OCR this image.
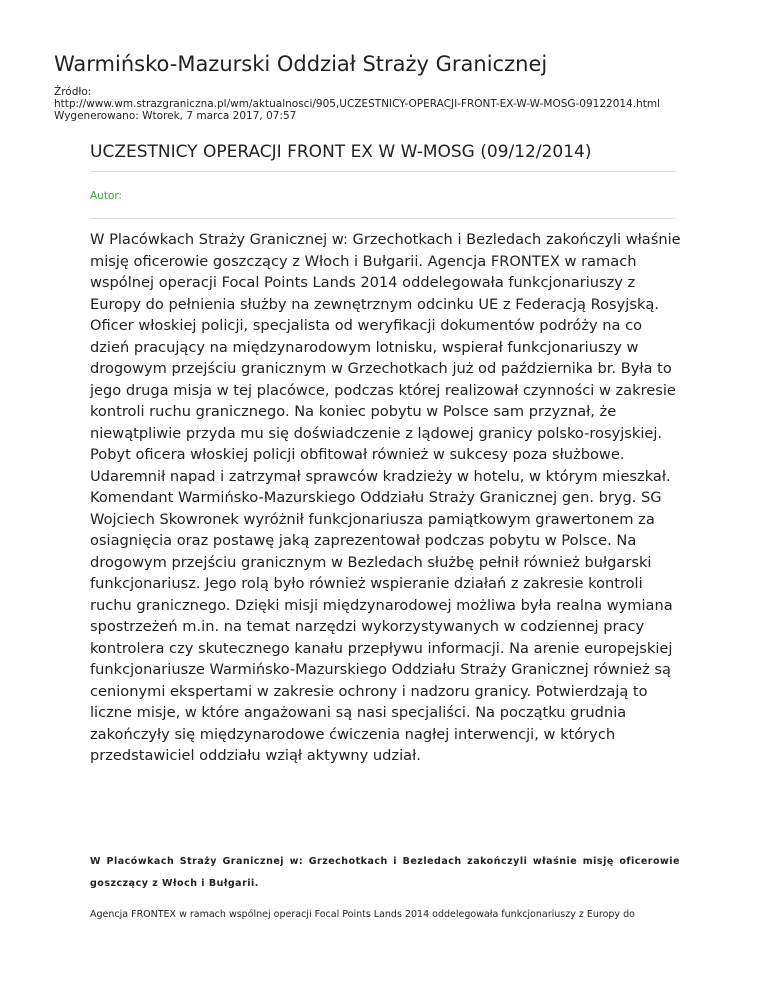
Warmińsko-Mazurski Oddział Straży Granicznej
Źródło:
http://www.wm.strazgraniczna.pl/wm/aktualnosci/905,UCZESTNICY-OPERACJI-FRONT-EX-W-W-MOSG-09122014.html
Wygenerowano: Wtorek, 7 marca 2017, 07:57
UCZESTNICY OPERACJI FRONT EX W W-MOSG (09/12/2014)
Autor:

W Placówkach Straży Granicznej w: Grzechotkach i Bezledach zakończyli właśnie misję oficerowie goszczący z Włoch i Bułgarii. Agencja FRONTEX w ramach wspólnej operacji Focal Points Lands 2014 oddelegowała funkcjonariuszy z Europy do pełnienia służby na zewnętrznym odcinku UE z Federacją Rosyjską. Oficer włoskiej policji, specjalista od weryfikacji dokumentów podróży na co dzień pracujący na międzynarodowym lotnisku, wspierał funkcjonariuszy w drogowym przejściu granicznym w Grzechotkach już od października br. Była to jego druga misja w tej placówce, podczas której realizował czynności w zakresie kontroli ruchu granicznego. Na koniec pobytu w Polsce sam przyznał, że niewątpliwie przyda mu się doświadczenie z lądowej granicy polsko-rosyjskiej. Pobyt oficera włoskiej policji obfitował również w sukcesy poza służbowe. Udaremnił napad i zatrzymał sprawców kradzieży w hotelu, w którym mieszkał. Komendant Warmińsko-Mazurskiego Oddziału Straży Granicznej gen. bryg. SG Wojciech Skowronek wyróżnił funkcjonariusza pamiątkowym grawertonem za osiagnięcia oraz postawę jaką zaprezentował podczas pobytu w Polsce. Na drogowym przejściu granicznym w Bezledach służbę pełnił również bułgarski funkcjonariusz. Jego rolą było również wspieranie działań z zakresie kontroli ruchu granicznego. Dzięki misji międzynarodowej możliwa była realna wymiana spostrzeżeń m.in. na temat narzędzi wykorzystywanych w codziennej pracy kontrolera czy skutecznego kanału przepływu informacji. Na arenie europejskiej funkcjonariusze Warmińsko-Mazurskiego Oddziału Straży Granicznej również są cenionymi ekspertami w zakresie ochrony i nadzoru granicy. Potwierdzają to liczne misje, w które angażowani są nasi specjaliści. Na początku grudnia zakończyły się międzynarodowe ćwiczenia nagłej interwencji, w których przedstawiciel oddziału wziął aktywny udział.

W Placówkach Straży Granicznej w: Grzechotkach i Bezledach zakończyli właśnie misję oficerowie goszczący z Włoch i Bułgarii.

Agencja FRONTEX w ramach wspólnej operacji Focal Points Lands 2014 oddelegowała funkcjonariuszy z Europy do
